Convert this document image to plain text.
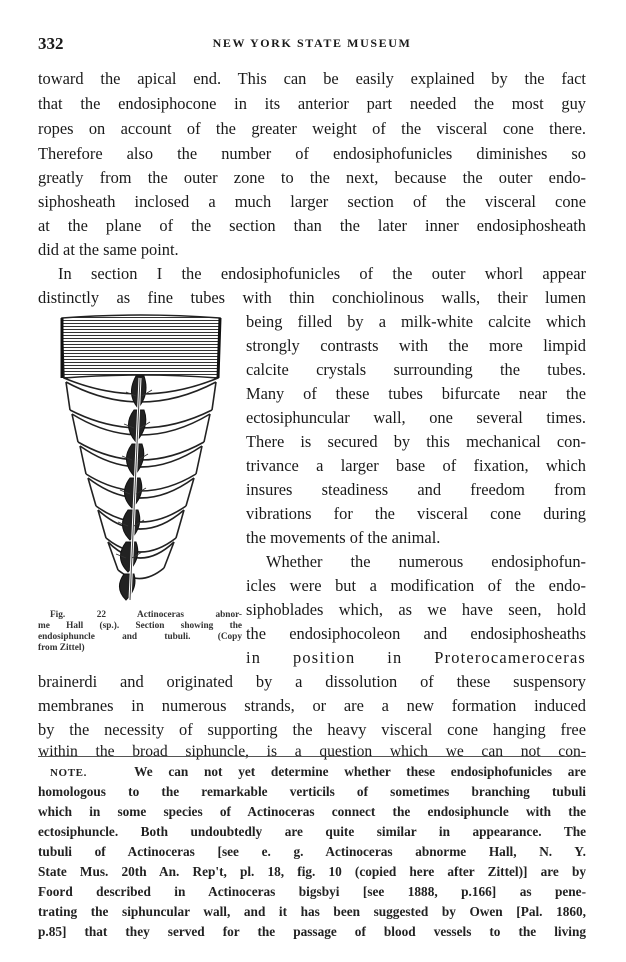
332	NEW YORK STATE MUSEUM
toward the apical end. This can be easily explained by the fact
that the endosiphocone in its anterior part needed the most guy
ropes on account of the greater weight of the visceral cone there.
Therefore also the number of endosiphofunicles diminishes so
greatly from the outer zone to the next, because the outer endo-
siphosheath inclosed a much larger section of the visceral cone
at the plane of the section than the later inner endosiphosheath
did at the same point.
In section I the endosiphofunicles of the outer whorl appear
distinctly as fine tubes with thin conchiolinous walls, their lumen
being filled by a milk-white calcite which
strongly contrasts with the more limpid
calcite crystals surrounding the tubes.
Many of these tubes bifurcate near the
ectosiphuncular wall, one several times.
There is secured by this mechanical con-
trivance a larger base of fixation, which
insures steadiness and freedom from
vibrations for the visceral cone during
the movements of the animal.
Whether the numerous endosiphofun-
icles were but a modification of the endo-
siphoblades which, as we have seen, hold
the endosiphocoleon and endosiphosheaths
in position in Proterocameroceras
brainerdi and originated by a dissolution of these suspensory
membranes in numerous strands, or are a new formation induced
by the necessity of supporting the heavy visceral cone hanging free
within the broad siphuncle, is a question which we can not con-
Fig. 22 Actinoceras abnor-
me Hall (sp.). Section showing the
endosiphuncle and tubuli. (Copy
from Zittel)
NOTE.	We can not yet determine whether these endosiphofunicles are
homologous to the remarkable verticils of sometimes branching tubuli
which in some species of Actinoceras connect the endosiphuncle with the
ectosiphuncle. Both undoubtedly are quite similar in appearance. The
tubuli of Actinoceras [see e. g. Actinoceras abnorme Hall, N. Y.
State Mus. 20th An. Rep't, pl. 18, fig. 10 (copied here after Zittel)] are by
Foord described in Actinoceras bigsbyi [see 1888, p.166] as pene-
trating the siphuncular wall, and it has been suggested by Owen [Pal. 1860,
p.85] that they served for the passage of blood vessels to the living
